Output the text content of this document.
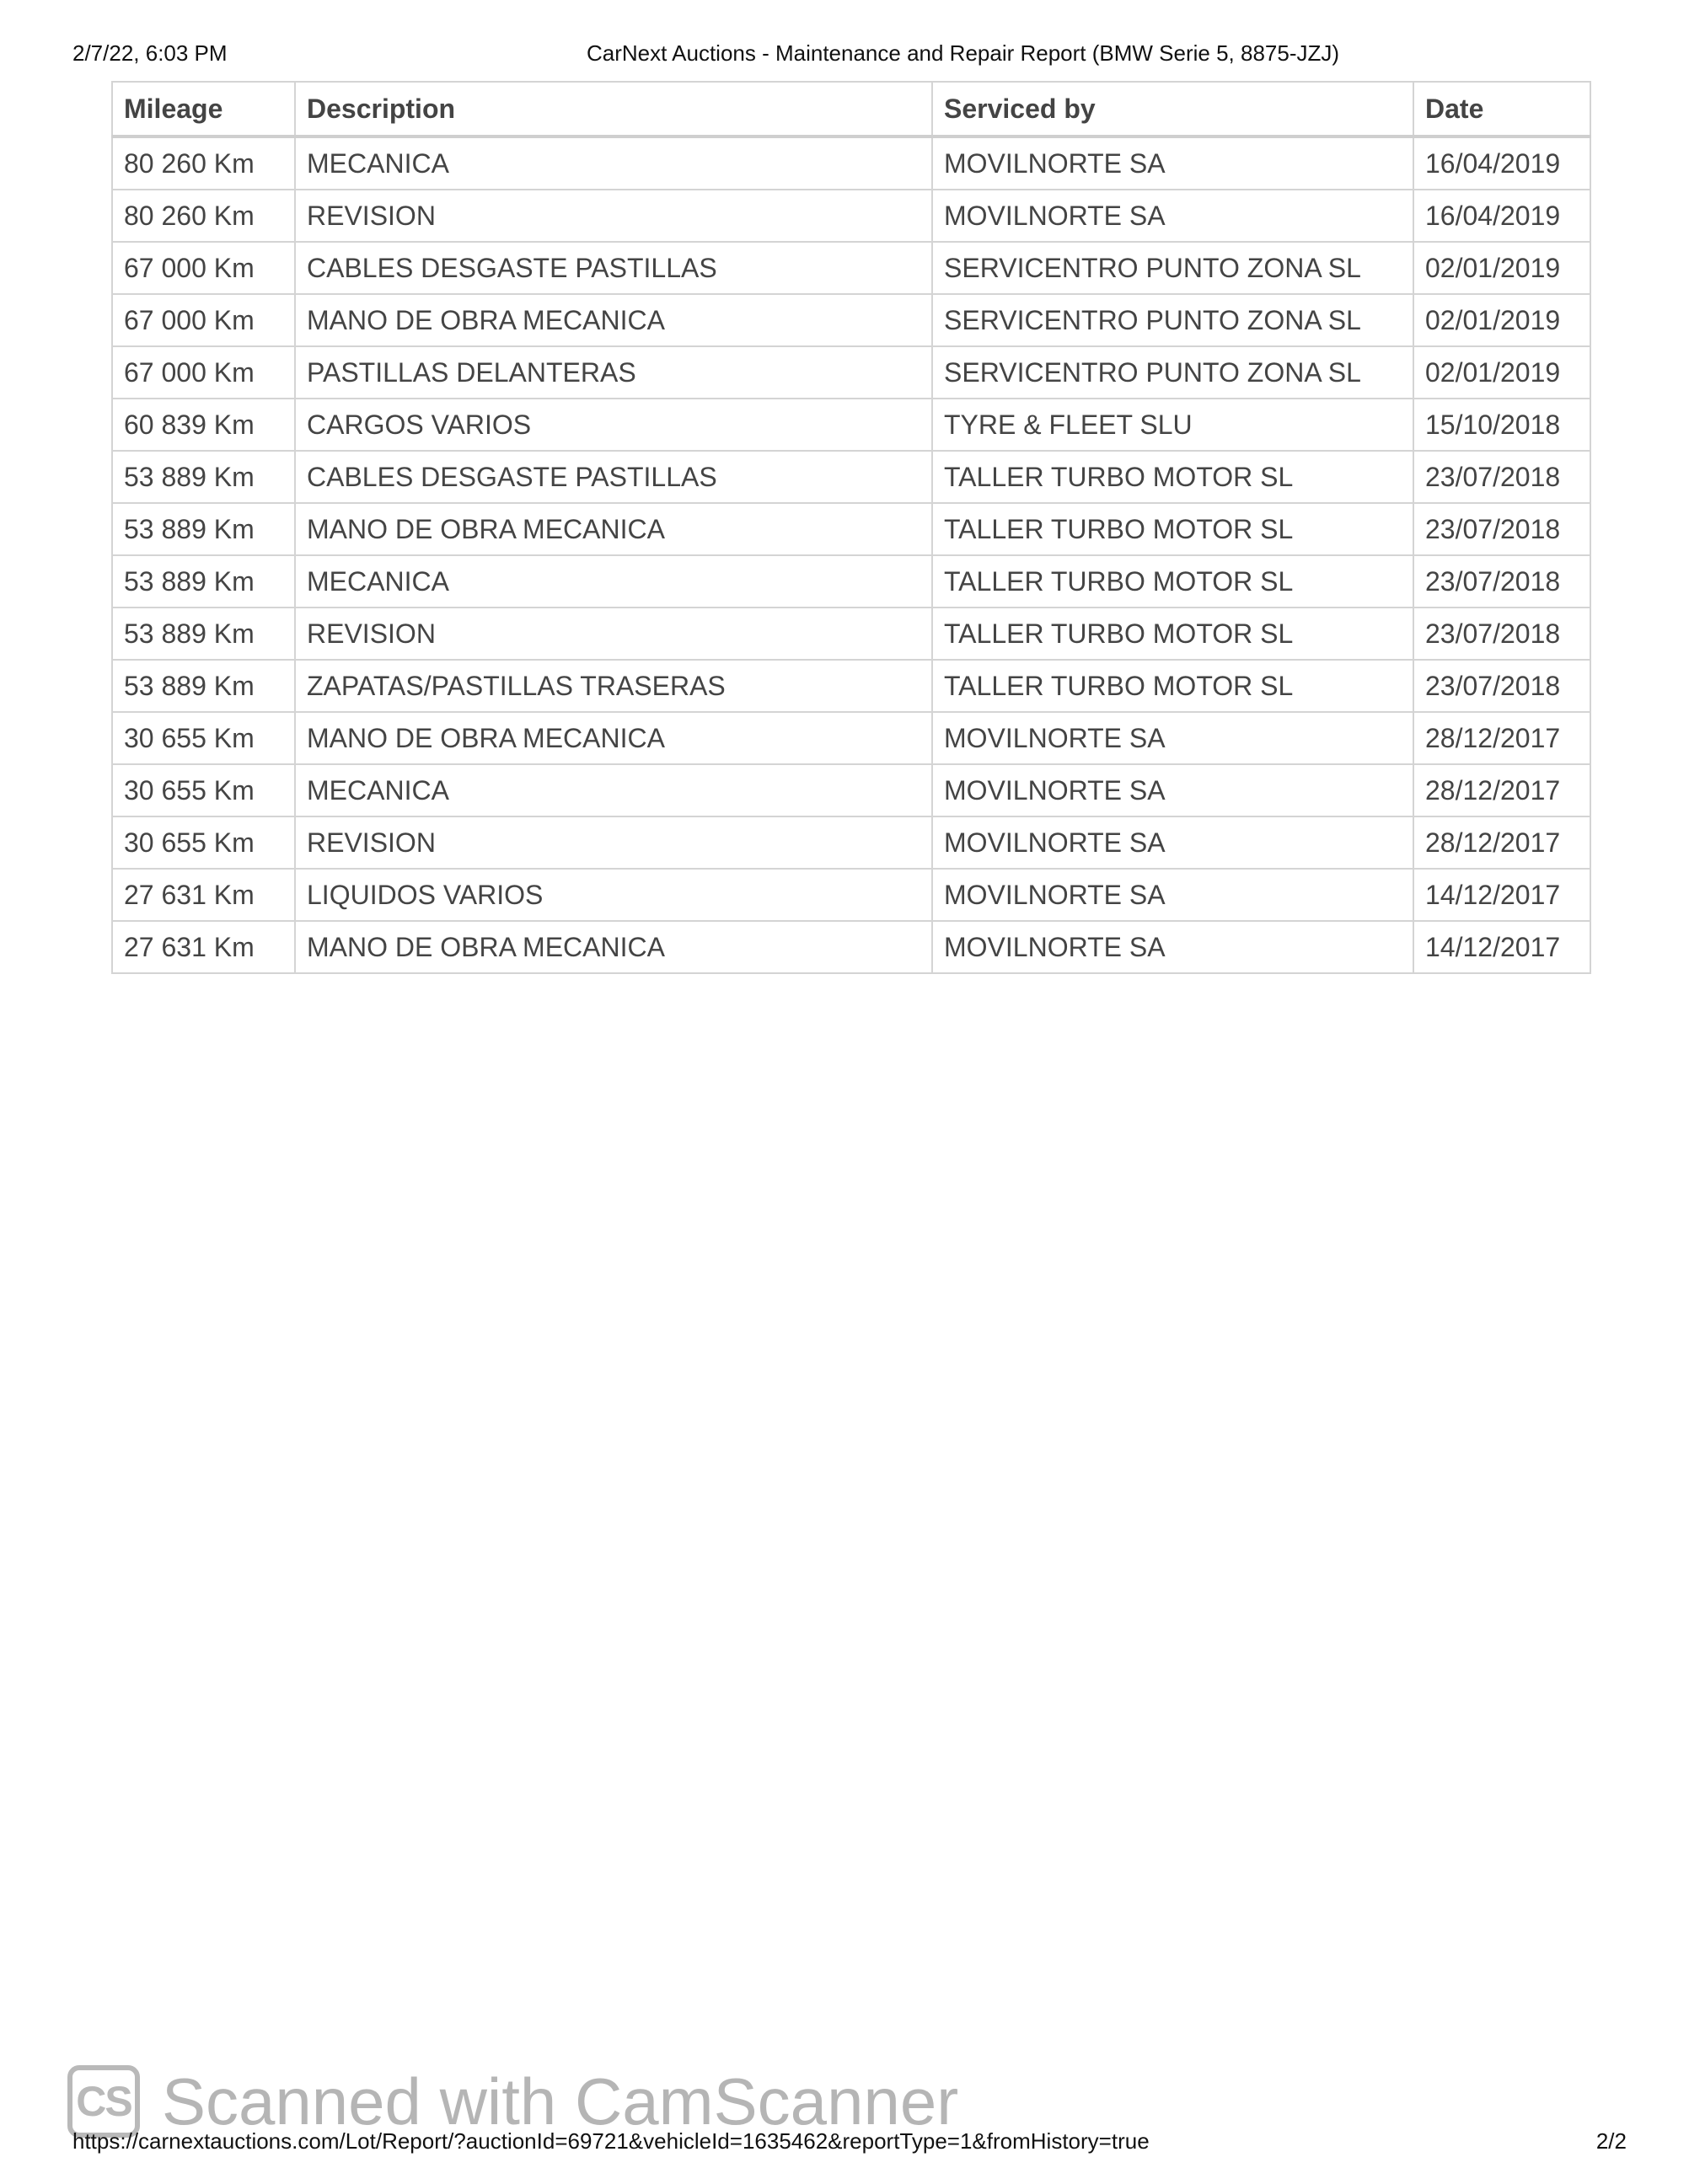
2/7/22, 6:03 PM	CarNext Auctions - Maintenance and Repair Report (BMW Serie 5, 8875-JZJ)
Mileage	Description	Serviced by	Date
80 260 Km	MECANICA	MOVILNORTE SA	16/04/2019
80 260 Km	REVISION	MOVILNORTE SA	16/04/2019
67 000 Km	CABLES DESGASTE PASTILLAS	SERVICENTRO PUNTO ZONA SL	02/01/2019
67 000 Km	MANO DE OBRA MECANICA	SERVICENTRO PUNTO ZONA SL	02/01/2019
67 000 Km	PASTILLAS DELANTERAS	SERVICENTRO PUNTO ZONA SL	02/01/2019
60 839 Km	CARGOS VARIOS	TYRE & FLEET SLU	15/10/2018
53 889 Km	CABLES DESGASTE PASTILLAS	TALLER TURBO MOTOR SL	23/07/2018
53 889 Km	MANO DE OBRA MECANICA	TALLER TURBO MOTOR SL	23/07/2018
53 889 Km	MECANICA	TALLER TURBO MOTOR SL	23/07/2018
53 889 Km	REVISION	TALLER TURBO MOTOR SL	23/07/2018
53 889 Km	ZAPATAS/PASTILLAS TRASERAS	TALLER TURBO MOTOR SL	23/07/2018
30 655 Km	MANO DE OBRA MECANICA	MOVILNORTE SA	28/12/2017
30 655 Km	MECANICA	MOVILNORTE SA	28/12/2017
30 655 Km	REVISION	MOVILNORTE SA	28/12/2017
27 631 Km	LIQUIDOS VARIOS	MOVILNORTE SA	14/12/2017
27 631 Km	MANO DE OBRA MECANICA	MOVILNORTE SA	14/12/2017
CS Scanned with CamScanner
https://carnextauctions.com/Lot/Report/?auctionId=69721&vehicleId=1635462&reportType=1&fromHistory=true	2/2
